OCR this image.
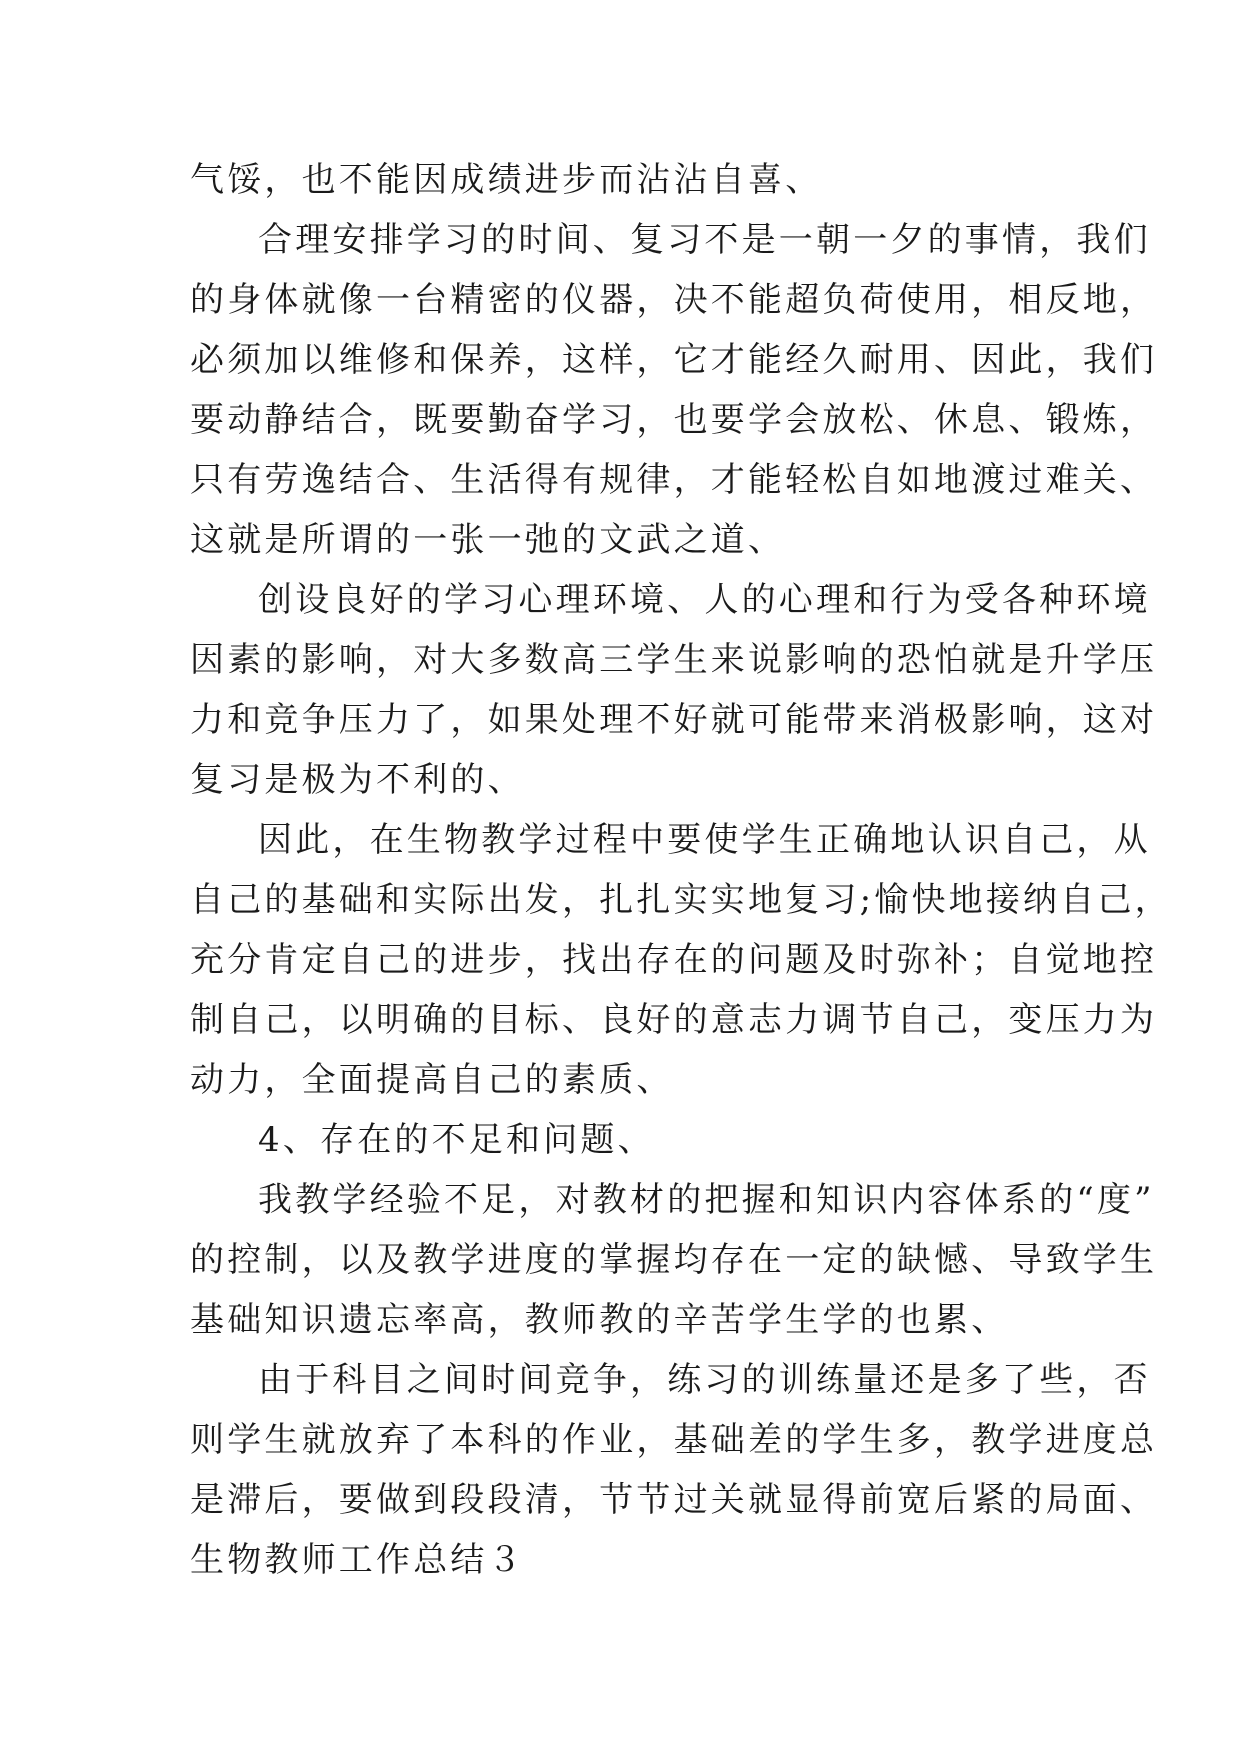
气馁，也不能因成绩进步而沾沾自喜、
合理安排学习的时间、复习不是一朝一夕的事情，我们
的身体就像一台精密的仪器，决不能超负荷使用，相反地，
必须加以维修和保养，这样，它才能经久耐用、因此，我们
要动静结合，既要勤奋学习，也要学会放松、休息、锻炼，
只有劳逸结合、生活得有规律，才能轻松自如地渡过难关、
这就是所谓的一张一弛的文武之道、
创设良好的学习心理环境、人的心理和行为受各种环境
因素的影响，对大多数高三学生来说影响的恐怕就是升学压
力和竞争压力了，如果处理不好就可能带来消极影响，这对
复习是极为不利的、
因此，在生物教学过程中要使学生正确地认识自己，从
自己的基础和实际出发，扎扎实实地复习;愉快地接纳自己，
充分肯定自己的进步，找出存在的问题及时弥补；自觉地控
制自己，以明确的目标、良好的意志力调节自己，变压力为
动力，全面提高自己的素质、
4、存在的不足和问题、
我教学经验不足，对教材的把握和知识内容体系的“度”
的控制，以及教学进度的掌握均存在一定的缺憾、导致学生
基础知识遗忘率高，教师教的辛苦学生学的也累、
由于科目之间时间竞争，练习的训练量还是多了些，否
则学生就放弃了本科的作业，基础差的学生多，教学进度总
是滞后，要做到段段清，节节过关就显得前宽后紧的局面、
生物教师工作总结３
